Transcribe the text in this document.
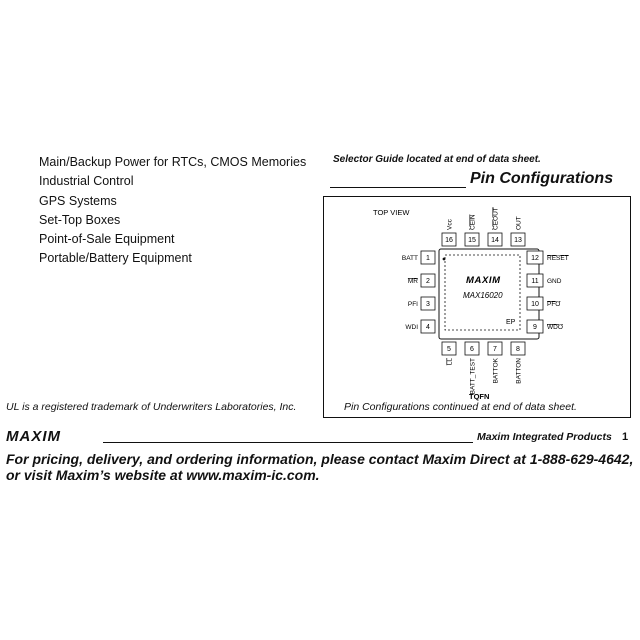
Main/Backup Power for RTCs, CMOS Memories
Industrial Control
GPS Systems
Set-Top Boxes
Point-of-Sale Equipment
Portable/Battery Equipment
Selector Guide located at end of data sheet.
Pin Configurations
TOP VIEW
MAXIM
MAX16020
EP
16
Vcc
15
CEIN
14
CEOUT
13
OUT
5
LL
6
BATT_TEST
7
BATTOK
8
BATTON
1
BATT
2
MR
3
PFI
4
WDI
12 RESET
11 GND
10 PFO
9 WDO
TQFN
UL is a registered trademark of Underwriters Laboratories, Inc.	Pin Configurations continued at end of data sheet.
MAXIM	Maxim Integrated Products 1
For pricing, delivery, and ordering information, please contact Maxim Direct at 1-888-629-4642,
or visit Maxim’s website at www.maxim-ic.com.
